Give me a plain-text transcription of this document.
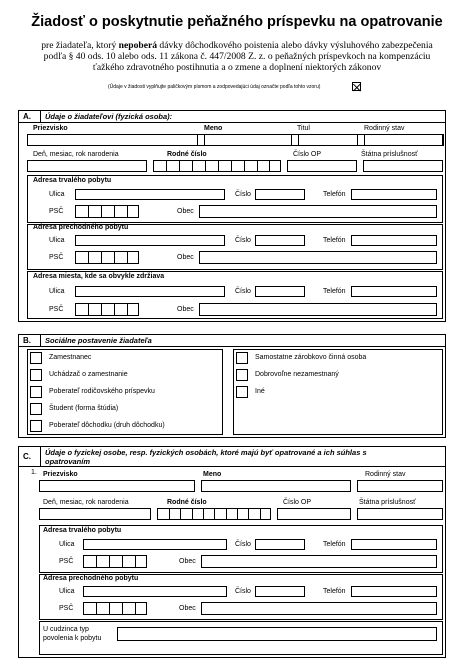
Žiadosť o poskytnutie peňažného príspevku na opatrovanie
pre žiadateľa, ktorý nepoberá dávky dôchodkového poistenia alebo dávky výsluhového zabezpečenia
podľa § 40 ods. 10 alebo ods. 11 zákona č. 447/2008 Z. z. o peňažných príspevkoch na kompenzáciu
ťažkého zdravotného postihnutia a o zmene a doplnení niektorých zákonov
(Údaje v žiadosti vyplňujte paličkovým písmom a zodpovedajúci údaj označte podľa tohto vzoru)
A.	Údaje o žiadateľovi (fyzická osoba):
Priezvisko	Meno	Titul	Rodinný stav
Deň, mesiac, rok narodenia	Rodné číslo	Číslo OP	Štátna príslušnosť
Adresa trvalého pobytu
Ulica	Číslo	Telefón
PSČ	Obec
Adresa prechodného pobytu
Ulica	Číslo	Telefón
PSČ	Obec
Adresa miesta, kde sa obvykle zdržiava
Ulica	Číslo	Telefón
PSČ	Obec
B.	Sociálne postavenie žiadateľa
Zamestnanec
Uchádzač o zamestnanie
Poberateľ rodičovského príspevku
Študent (forma štúdia)
Poberateľ dôchodku (druh dôchodku)
Samostatne zárobkovo činná osoba
Dobrovoľne nezamestnaný
Iné
C.	Údaje o fyzickej osobe, resp. fyzických osobách, ktoré majú byť opatrované a ich súhlas s
opatrovaním
1. Priezvisko	Meno	Rodinný stav
Deň, mesiac, rok narodenia	Rodné číslo	Číslo OP	Štátna príslušnosť
Adresa trvalého pobytu
Ulica	Číslo	Telefón
PSČ	Obec
Adresa prechodného pobytu
Ulica	Číslo	Telefón
PSČ	Obec
U cudzinca typ
povolenia k pobytu
